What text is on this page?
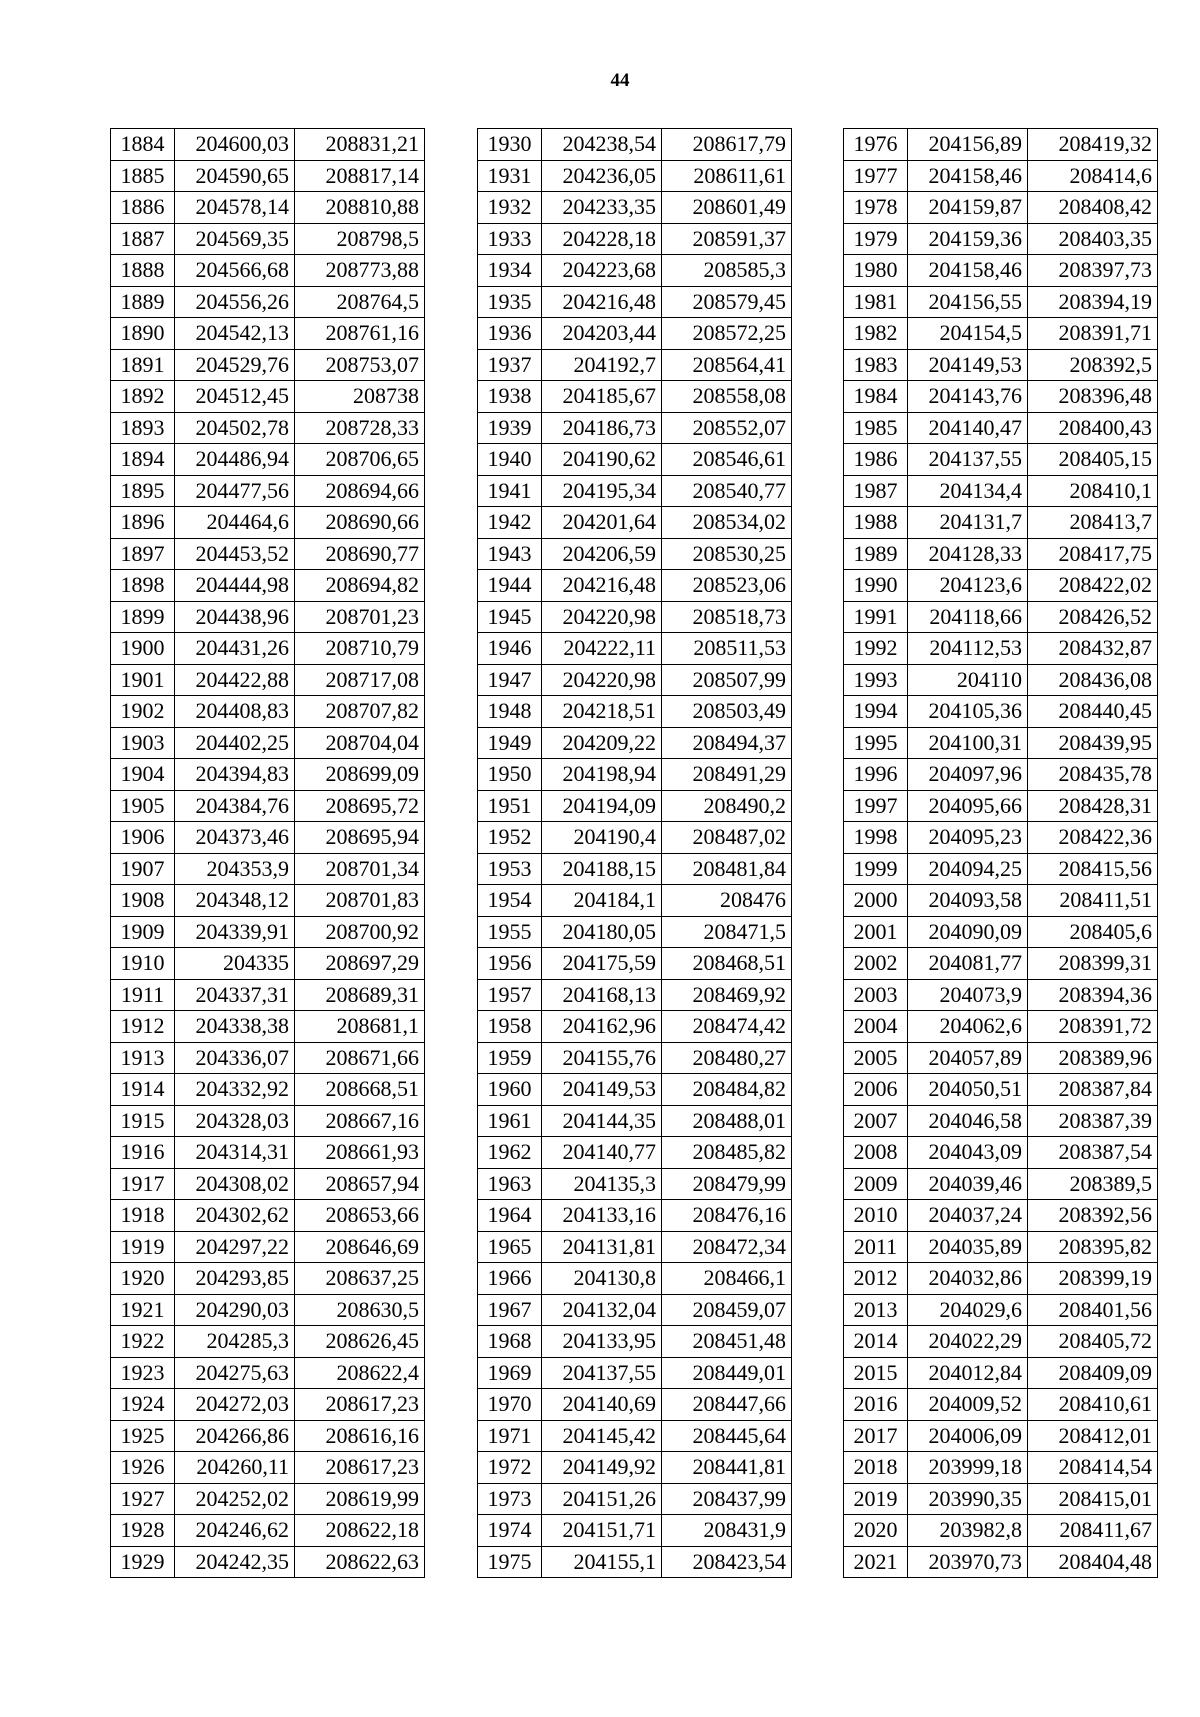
44
1884	204600,03	208831,21
1885	204590,65	208817,14
1886	204578,14	208810,88
1887	204569,35	208798,5
1888	204566,68	208773,88
1889	204556,26	208764,5
1890	204542,13	208761,16
1891	204529,76	208753,07
1892	204512,45	208738
1893	204502,78	208728,33
1894	204486,94	208706,65
1895	204477,56	208694,66
1896	204464,6	208690,66
1897	204453,52	208690,77
1898	204444,98	208694,82
1899	204438,96	208701,23
1900	204431,26	208710,79
1901	204422,88	208717,08
1902	204408,83	208707,82
1903	204402,25	208704,04
1904	204394,83	208699,09
1905	204384,76	208695,72
1906	204373,46	208695,94
1907	204353,9	208701,34
1908	204348,12	208701,83
1909	204339,91	208700,92
1910	204335	208697,29
1911	204337,31	208689,31
1912	204338,38	208681,1
1913	204336,07	208671,66
1914	204332,92	208668,51
1915	204328,03	208667,16
1916	204314,31	208661,93
1917	204308,02	208657,94
1918	204302,62	208653,66
1919	204297,22	208646,69
1920	204293,85	208637,25
1921	204290,03	208630,5
1922	204285,3	208626,45
1923	204275,63	208622,4
1924	204272,03	208617,23
1925	204266,86	208616,16
1926	204260,11	208617,23
1927	204252,02	208619,99
1928	204246,62	208622,18
1929	204242,35	208622,63
1930	204238,54	208617,79
1931	204236,05	208611,61
1932	204233,35	208601,49
1933	204228,18	208591,37
1934	204223,68	208585,3
1935	204216,48	208579,45
1936	204203,44	208572,25
1937	204192,7	208564,41
1938	204185,67	208558,08
1939	204186,73	208552,07
1940	204190,62	208546,61
1941	204195,34	208540,77
1942	204201,64	208534,02
1943	204206,59	208530,25
1944	204216,48	208523,06
1945	204220,98	208518,73
1946	204222,11	208511,53
1947	204220,98	208507,99
1948	204218,51	208503,49
1949	204209,22	208494,37
1950	204198,94	208491,29
1951	204194,09	208490,2
1952	204190,4	208487,02
1953	204188,15	208481,84
1954	204184,1	208476
1955	204180,05	208471,5
1956	204175,59	208468,51
1957	204168,13	208469,92
1958	204162,96	208474,42
1959	204155,76	208480,27
1960	204149,53	208484,82
1961	204144,35	208488,01
1962	204140,77	208485,82
1963	204135,3	208479,99
1964	204133,16	208476,16
1965	204131,81	208472,34
1966	204130,8	208466,1
1967	204132,04	208459,07
1968	204133,95	208451,48
1969	204137,55	208449,01
1970	204140,69	208447,66
1971	204145,42	208445,64
1972	204149,92	208441,81
1973	204151,26	208437,99
1974	204151,71	208431,9
1975	204155,1	208423,54
1976	204156,89	208419,32
1977	204158,46	208414,6
1978	204159,87	208408,42
1979	204159,36	208403,35
1980	204158,46	208397,73
1981	204156,55	208394,19
1982	204154,5	208391,71
1983	204149,53	208392,5
1984	204143,76	208396,48
1985	204140,47	208400,43
1986	204137,55	208405,15
1987	204134,4	208410,1
1988	204131,7	208413,7
1989	204128,33	208417,75
1990	204123,6	208422,02
1991	204118,66	208426,52
1992	204112,53	208432,87
1993	204110	208436,08
1994	204105,36	208440,45
1995	204100,31	208439,95
1996	204097,96	208435,78
1997	204095,66	208428,31
1998	204095,23	208422,36
1999	204094,25	208415,56
2000	204093,58	208411,51
2001	204090,09	208405,6
2002	204081,77	208399,31
2003	204073,9	208394,36
2004	204062,6	208391,72
2005	204057,89	208389,96
2006	204050,51	208387,84
2007	204046,58	208387,39
2008	204043,09	208387,54
2009	204039,46	208389,5
2010	204037,24	208392,56
2011	204035,89	208395,82
2012	204032,86	208399,19
2013	204029,6	208401,56
2014	204022,29	208405,72
2015	204012,84	208409,09
2016	204009,52	208410,61
2017	204006,09	208412,01
2018	203999,18	208414,54
2019	203990,35	208415,01
2020	203982,8	208411,67
2021	203970,73	208404,48
